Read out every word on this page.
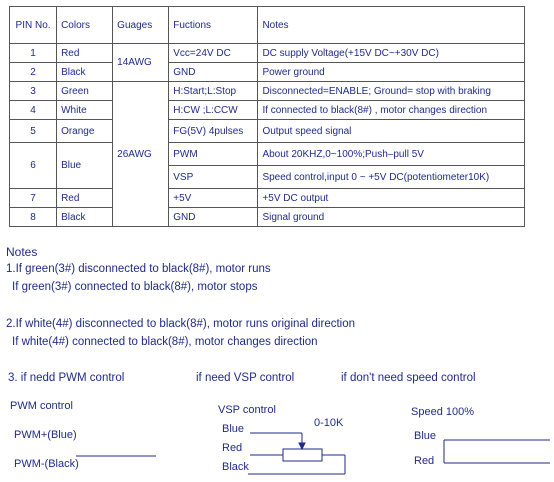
PIN No.	Colors	Guages	Fuctions	Notes
1	Red	14AWG	Vcc=24V DC	DC supply Voltage(+15V DC~+30V DC)
2	Black		GND	Power ground
3	Green	26AWG	H:Start;L:Stop	Disconnected=ENABLE; Ground= stop with braking
4	White		H:CW ;L:CCW	If connected to black(8#) , motor changes direction
5	Orange		FG(5V) 4pulses	Output speed signal
6	Blue		PWM	About 20KHZ,0~100%;Push–pull 5V
			VSP	Speed control,input 0 ~ +5V DC(potentiometer10K)
7	Red		+5V	+5V DC output
8	Black		GND	Signal ground
Notes
1.If green(3#) disconnected to black(8#), motor runs
If green(3#) connected to black(8#), motor stops
2.If white(4#) disconnected to black(8#), motor runs original direction
If white(4#) connected to black(8#), motor changes direction
3. if nedd PWM control	if need VSP control	if don't need speed control
PWM control
PWM+(Blue)
PWM-(Black)
VSP control
Blue
Red
Black
0-10K
Speed 100%
Blue
Red
